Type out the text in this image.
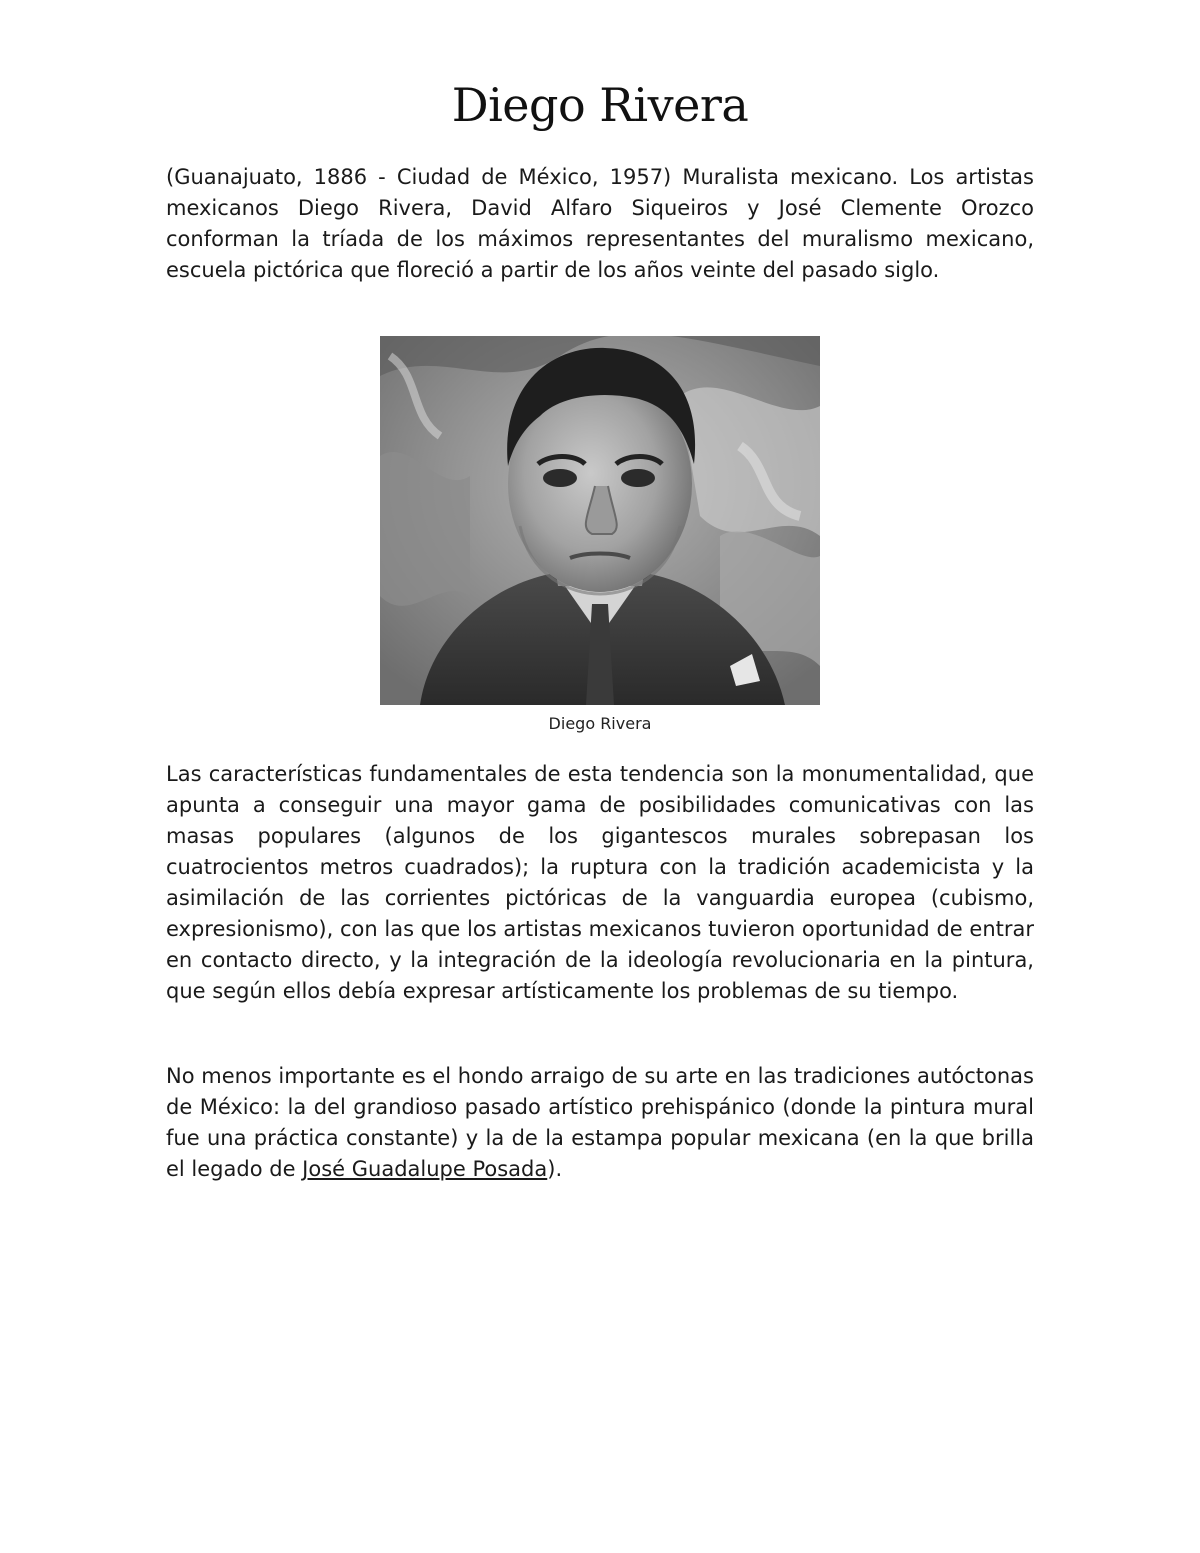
Diego Rivera

(Guanajuato, 1886 - Ciudad de México, 1957) Muralista mexicano. Los artistas mexicanos Diego Rivera, David Alfaro Siqueiros y José Clemente Orozco conforman la tríada de los máximos representantes del muralismo mexicano, escuela pictórica que floreció a partir de los años veinte del pasado siglo.

Diego Rivera

Las características fundamentales de esta tendencia son la monumentalidad, que apunta a conseguir una mayor gama de posibilidades comunicativas con las masas populares (algunos de los gigantescos murales sobrepasan los cuatrocientos metros cuadrados); la ruptura con la tradición academicista y la asimilación de las corrientes pictóricas de la vanguardia europea (cubismo, expresionismo), con las que los artistas mexicanos tuvieron oportunidad de entrar en contacto directo, y la integración de la ideología revolucionaria en la pintura, que según ellos debía expresar artísticamente los problemas de su tiempo.

No menos importante es el hondo arraigo de su arte en las tradiciones autóctonas de México: la del grandioso pasado artístico prehispánico (donde la pintura mural fue una práctica constante) y la de la estampa popular mexicana (en la que brilla el legado de José Guadalupe Posada).
